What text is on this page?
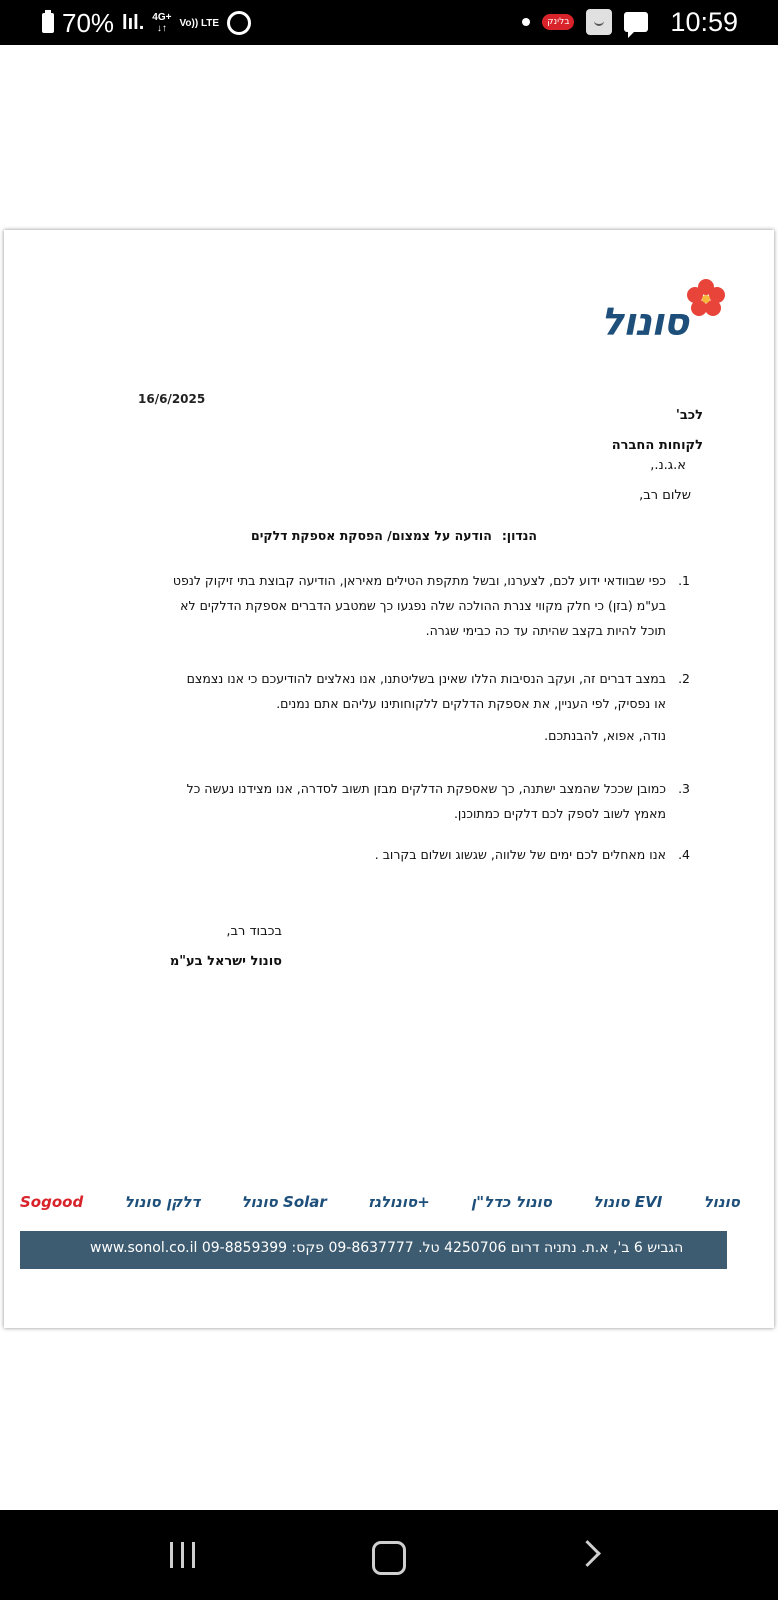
70% lıl. 4G+
↓↑	Vo)) LTE	בלינק	10:59
סונול
16/6/2025
לכב'
לקוחות החברה
א.ג.נ.,
שלום רב,
הנדון:הודעה על צמצום/ הפסקת אספקת דלקים
1.
כפי שבוודאי ידוע לכם, לצערנו, ובשל מתקפת הטילים מאיראן, הודיעה קבוצת בתי זיקוק לנפט
בע"מ (בזן) כי חלק מקווי צנרת ההולכה שלה נפגעו כך שמטבע הדברים אספקת הדלקים לא
תוכל להיות בקצב שהיתה עד כה כבימי שגרה.
2.
במצב דברים זה, ועקב הנסיבות הללו שאינן בשליטתנו, אנו נאלצים להודיעכם כי אנו נצמצם
או נפסיק, לפי העניין, את אספקת הדלקים ללקוחותינו עליהם אתם נמנים.
נודה, אפוא, להבנתכם.
3.
כמובן שככל שהמצב ישתנה, כך שאספקת הדלקים מבזן תשוב לסדרה, אנו מצידנו נעשה כל
מאמץ לשוב לספק לכם דלקים כמתוכנן.
4.
אנו מאחלים לכם ימים של שלווה, שגשוג ושלום בקרוב .
בכבוד רב,
סונול ישראל בע"מ
Sogood	דלקן סונול	סונול Solar	סונולגז+	סונול כדל"ן	סונול EVI	סונול
הגביש 6 ב', א.ת. נתניה דרום 4250706 טל. 09-8637777 פקס: 09-8859399 www.sonol.co.il
